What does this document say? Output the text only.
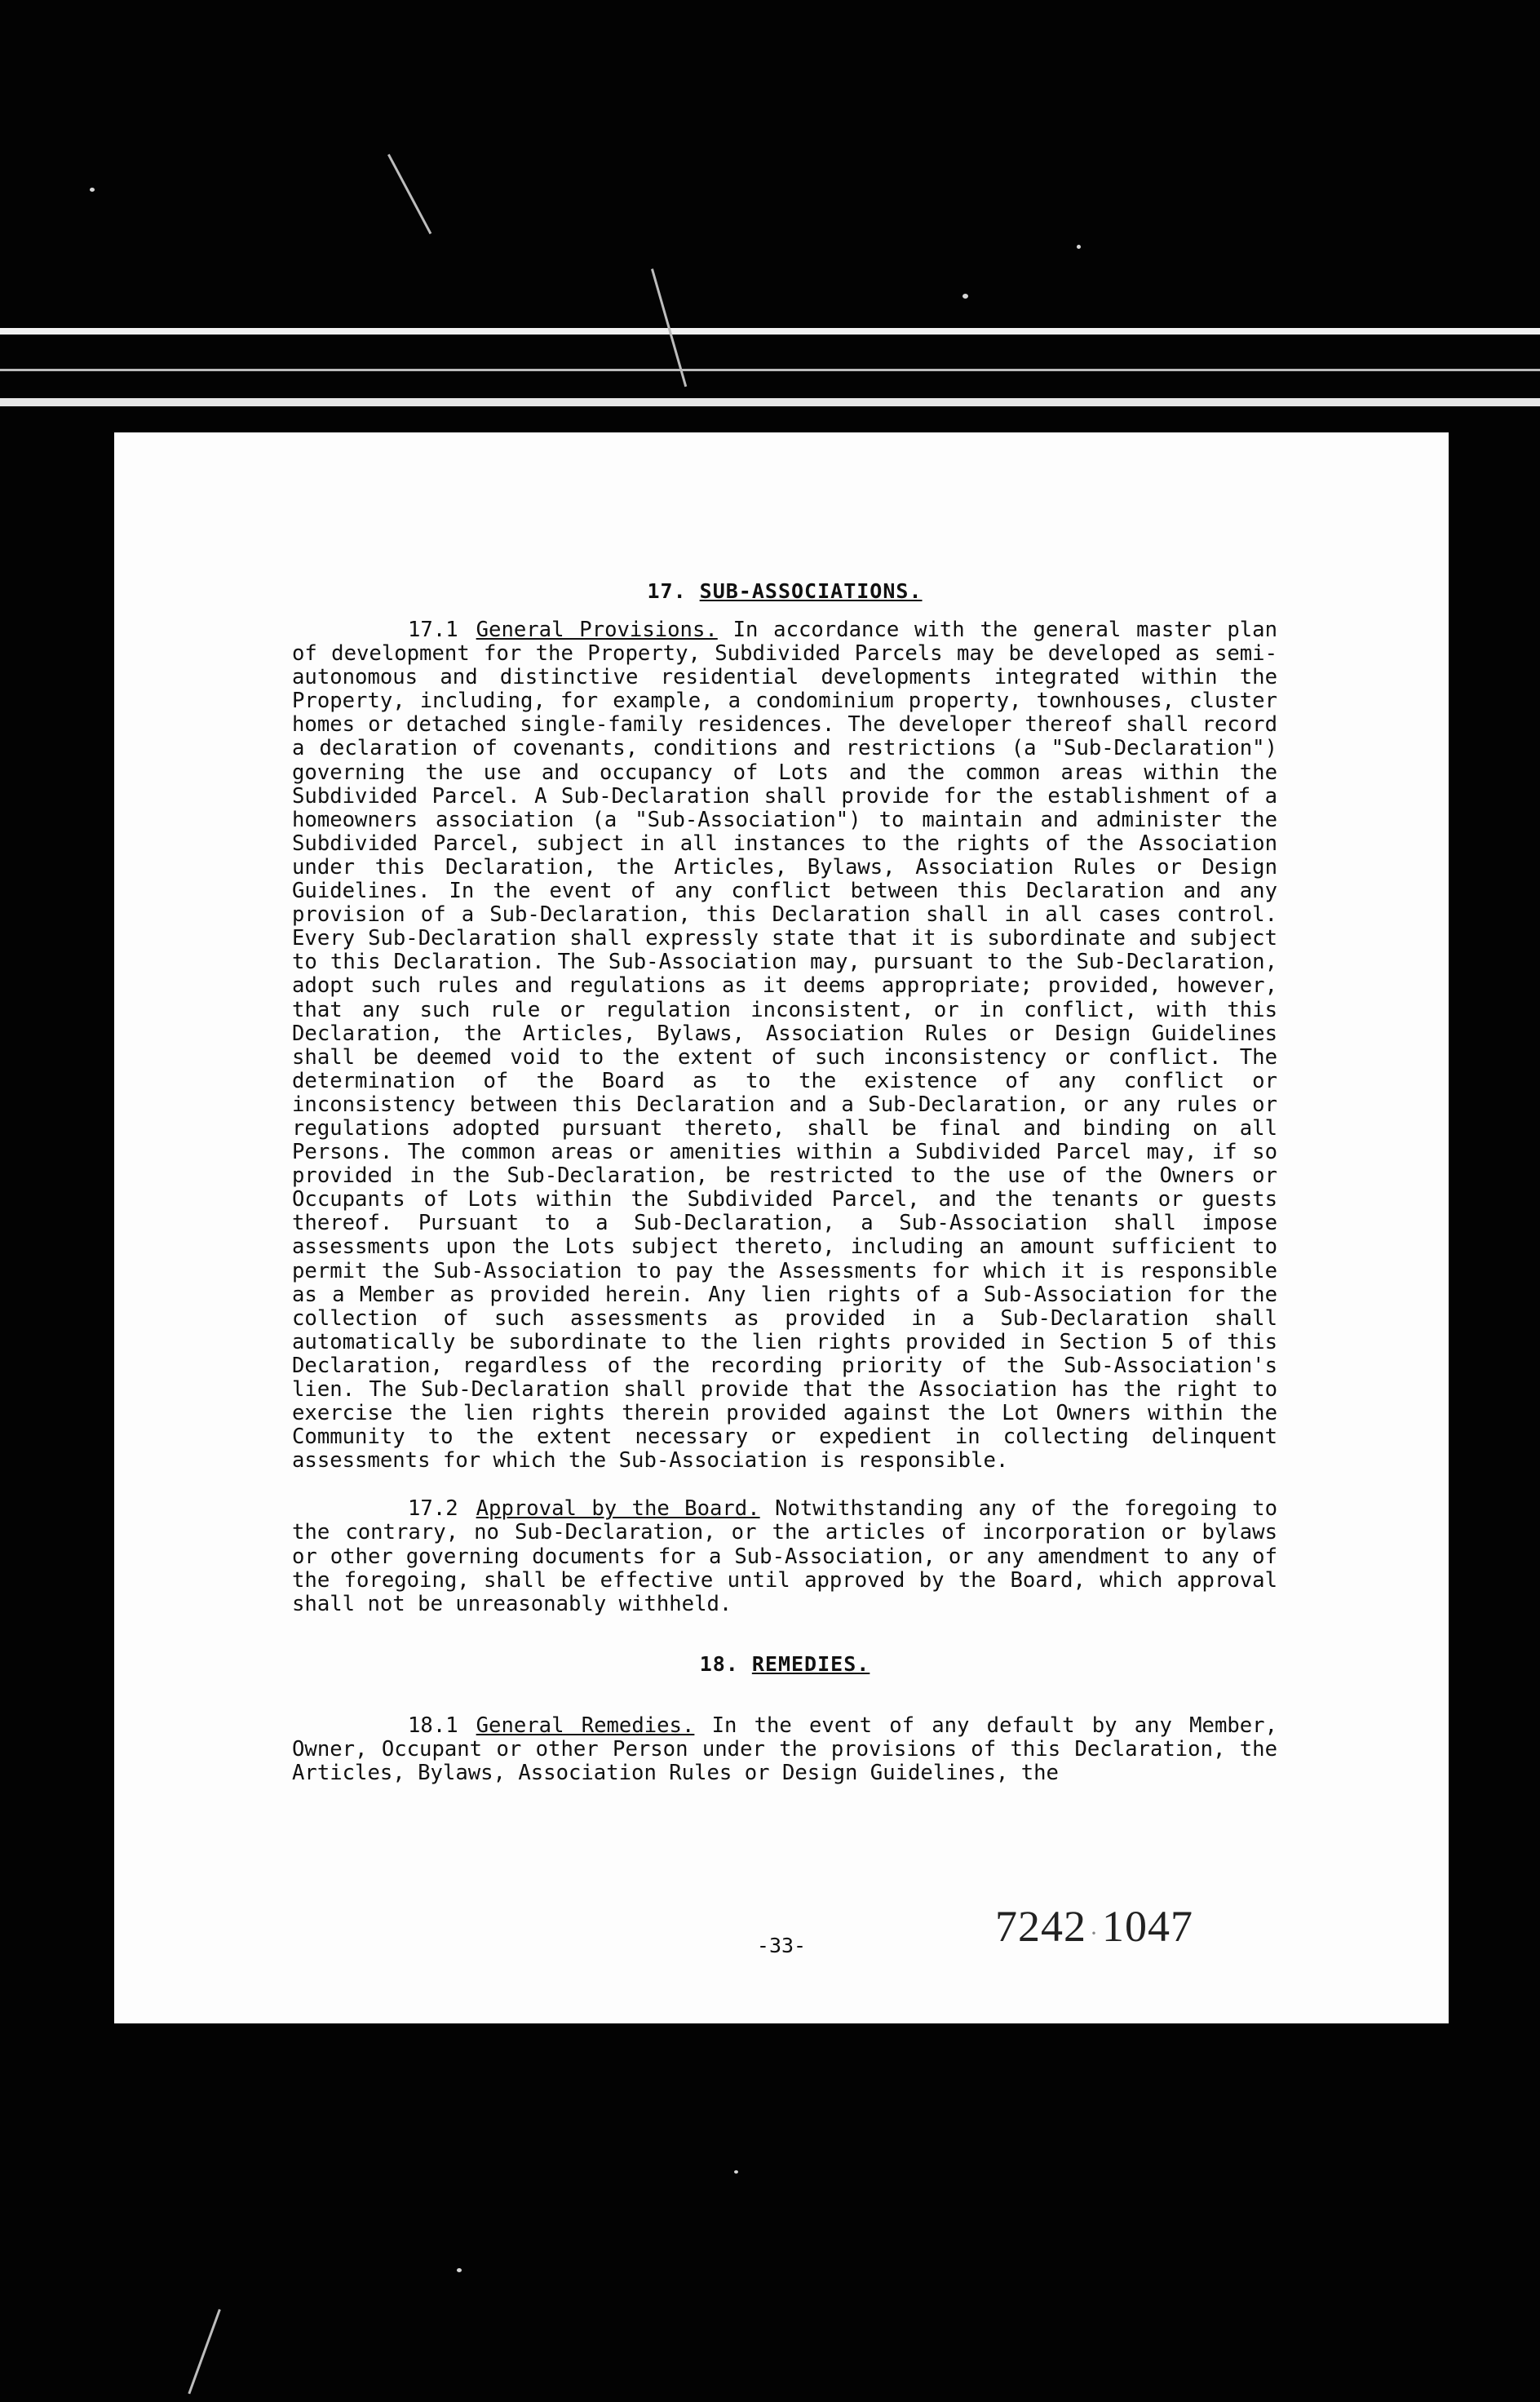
17. SUB-ASSOCIATIONS.

17.1 General Provisions. In accordance with the general master plan of development for the Property, Subdivided Parcels may be developed as semi-autonomous and distinctive residential developments integrated within the Property, including, for example, a condominium property, townhouses, cluster homes or detached single-family residences. The developer thereof shall record a declaration of covenants, conditions and restrictions (a "Sub-Declaration") governing the use and occupancy of Lots and the common areas within the Subdivided Parcel. A Sub-Declaration shall provide for the establishment of a homeowners association (a "Sub-Association") to maintain and administer the Subdivided Parcel, subject in all instances to the rights of the Association under this Declaration, the Articles, Bylaws, Association Rules or Design Guidelines. In the event of any conflict between this Declaration and any provision of a Sub-Declaration, this Declaration shall in all cases control. Every Sub-Declaration shall expressly state that it is subordinate and subject to this Declaration. The Sub-Association may, pursuant to the Sub-Declaration, adopt such rules and regulations as it deems appropriate; provided, however, that any such rule or regulation inconsistent, or in conflict, with this Declaration, the Articles, Bylaws, Association Rules or Design Guidelines shall be deemed void to the extent of such inconsistency or conflict. The determination of the Board as to the existence of any conflict or inconsistency between this Declaration and a Sub-Declaration, or any rules or regulations adopted pursuant thereto, shall be final and binding on all Persons. The common areas or amenities within a Subdivided Parcel may, if so provided in the Sub-Declaration, be restricted to the use of the Owners or Occupants of Lots within the Subdivided Parcel, and the tenants or guests thereof. Pursuant to a Sub-Declaration, a Sub-Association shall impose assessments upon the Lots subject thereto, including an amount sufficient to permit the Sub-Association to pay the Assessments for which it is responsible as a Member as provided herein. Any lien rights of a Sub-Association for the collection of such assessments as provided in a Sub-Declaration shall automatically be subordinate to the lien rights provided in Section 5 of this Declaration, regardless of the recording priority of the Sub-Association's lien. The Sub-Declaration shall provide that the Association has the right to exercise the lien rights therein provided against the Lot Owners within the Community to the extent necessary or expedient in collecting delinquent assessments for which the Sub-Association is responsible.

17.2 Approval by the Board. Notwithstanding any of the foregoing to the contrary, no Sub-Declaration, or the articles of incorporation or bylaws or other governing documents for a Sub-Association, or any amendment to any of the foregoing, shall be effective until approved by the Board, which approval shall not be unreasonably withheld.

18. REMEDIES.

18.1 General Remedies. In the event of any default by any Member, Owner, Occupant or other Person under the provisions of this Declaration, the Articles, Bylaws, Association Rules or Design Guidelines, the

-33-	7242 ·1047
